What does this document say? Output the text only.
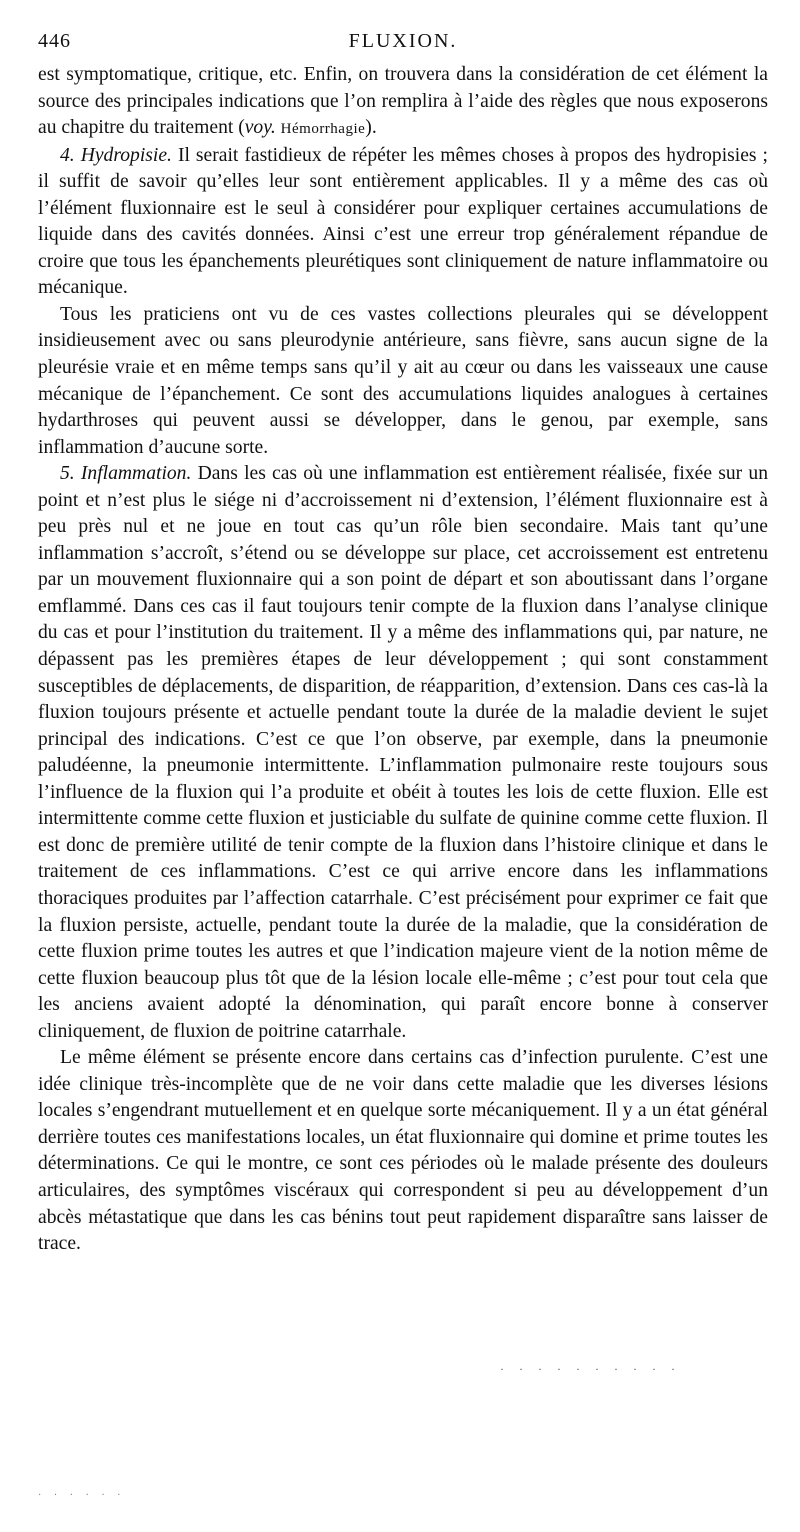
446	FLUXION.

est symptomatique, critique, etc. Enfin, on trouvera dans la considération de cet élément la source des principales indications que l’on remplira à l’aide des règles que nous exposerons au chapitre du traitement (voy. Hémorrhagie).

4. Hydropisie. Il serait fastidieux de répéter les mêmes choses à propos des hydropisies ; il suffit de savoir qu’elles leur sont entièrement applicables. Il y a même des cas où l’élément fluxionnaire est le seul à considérer pour expliquer certaines accumulations de liquide dans des cavités données. Ainsi c’est une erreur trop généralement répandue de croire que tous les épanchements pleurétiques sont cliniquement de nature inflammatoire ou mécanique.

Tous les praticiens ont vu de ces vastes collections pleurales qui se développent insidieusement avec ou sans pleurodynie antérieure, sans fièvre, sans aucun signe de la pleurésie vraie et en même temps sans qu’il y ait au cœur ou dans les vaisseaux une cause mécanique de l’épanchement. Ce sont des accumulations liquides analogues à certaines hydarthroses qui peuvent aussi se développer, dans le genou, par exemple, sans inflammation d’aucune sorte.

5. Inflammation. Dans les cas où une inflammation est entièrement réalisée, fixée sur un point et n’est plus le siége ni d’accroissement ni d’extension, l’élément fluxionnaire est à peu près nul et ne joue en tout cas qu’un rôle bien secondaire. Mais tant qu’une inflammation s’accroît, s’étend ou se développe sur place, cet accroissement est entretenu par un mouvement fluxionnaire qui a son point de départ et son aboutissant dans l’organe emflammé. Dans ces cas il faut toujours tenir compte de la fluxion dans l’analyse clinique du cas et pour l’institution du traitement. Il y a même des inflammations qui, par nature, ne dépassent pas les premières étapes de leur développement ; qui sont constamment susceptibles de déplacements, de disparition, de réapparition, d’extension. Dans ces cas-là la fluxion toujours présente et actuelle pendant toute la durée de la maladie devient le sujet principal des indications. C’est ce que l’on observe, par exemple, dans la pneumonie paludéenne, la pneumonie intermittente. L’inflammation pulmonaire reste toujours sous l’influence de la fluxion qui l’a produite et obéit à toutes les lois de cette fluxion. Elle est intermittente comme cette fluxion et justiciable du sulfate de quinine comme cette fluxion. Il est donc de première utilité de tenir compte de la fluxion dans l’histoire clinique et dans le traitement de ces inflammations. C’est ce qui arrive encore dans les inflammations thoraciques produites par l’affection catarrhale. C’est précisément pour exprimer ce fait que la fluxion persiste, actuelle, pendant toute la durée de la maladie, que la considération de cette fluxion prime toutes les autres et que l’indication majeure vient de la notion même de cette fluxion beaucoup plus tôt que de la lésion locale elle-même ; c’est pour tout cela que les anciens avaient adopté la dénomination, qui paraît encore bonne à conserver cliniquement, de fluxion de poitrine catarrhale.

Le même élément se présente encore dans certains cas d’infection purulente. C’est une idée clinique très-incomplète que de ne voir dans cette maladie que les diverses lésions locales s’engendrant mutuellement et en quelque sorte mécaniquement. Il y a un état général derrière toutes ces manifestations locales, un état fluxionnaire qui domine et prime toutes les déterminations. Ce qui le montre, ce sont ces périodes où le malade présente des douleurs articulaires, des symptômes viscéraux qui correspondent si peu au développement d’un abcès métastatique que dans les cas bénins tout peut rapidement disparaître sans laisser de trace.

· · · · · · · · · ·
· · · · · ·
